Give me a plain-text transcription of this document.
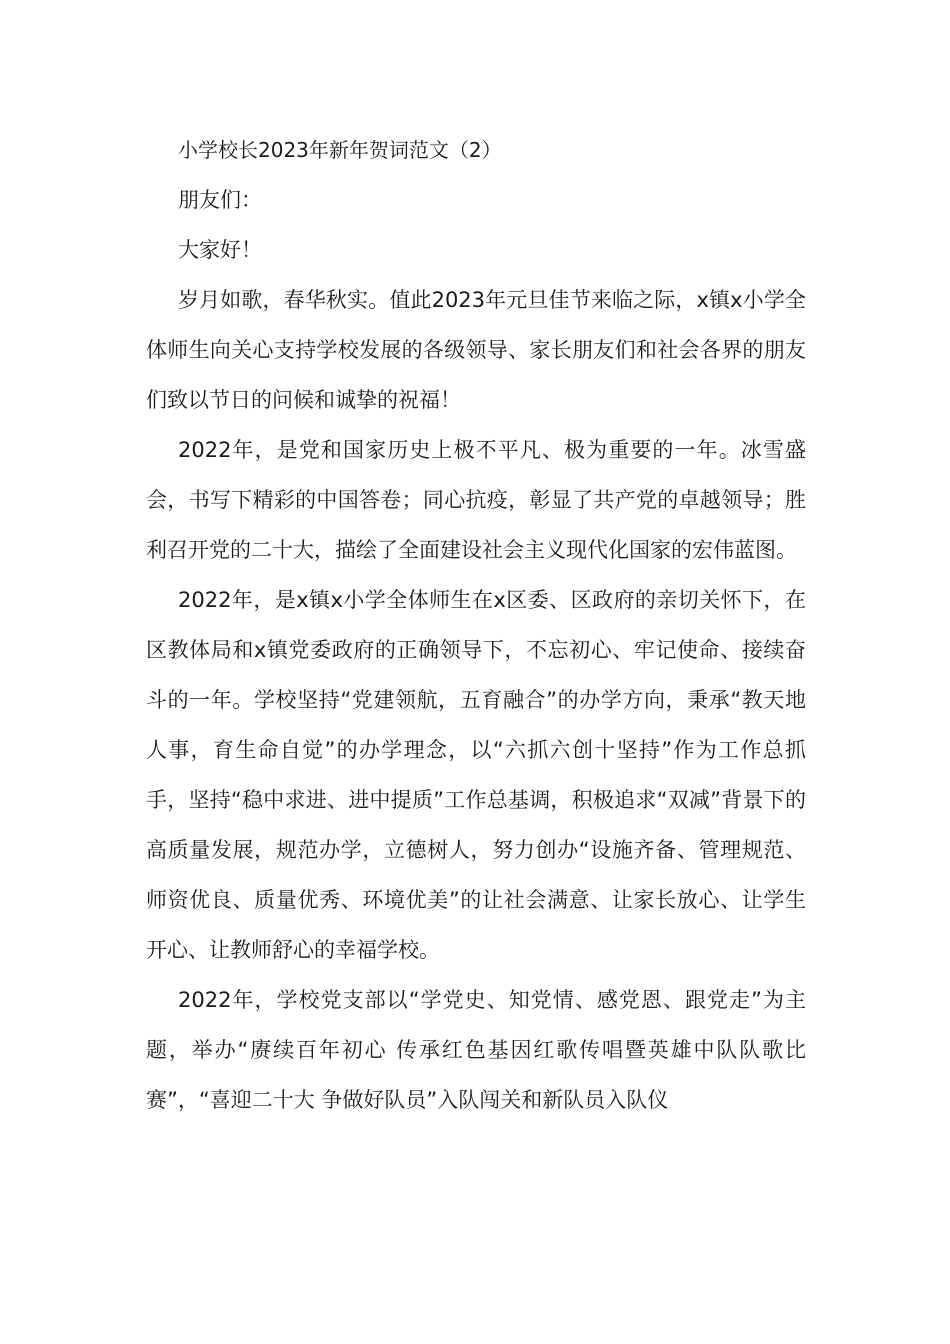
小学校长2023年新年贺词范文（2）

朋友们：

大家好！

岁月如歌，春华秋实。值此2023年元旦佳节来临之际，x镇x小学全体师生向关心支持学校发展的各级领导、家长朋友们和社会各界的朋友们致以节日的问候和诚挚的祝福！

2022年，是党和国家历史上极不平凡、极为重要的一年。冰雪盛会，书写下精彩的中国答卷；同心抗疫，彰显了共产党的卓越领导；胜利召开党的二十大，描绘了全面建设社会主义现代化国家的宏伟蓝图。

2022年，是x镇x小学全体师生在x区委、区政府的亲切关怀下，在区教体局和x镇党委政府的正确领导下，不忘初心、牢记使命、接续奋斗的一年。学校坚持“党建领航，五育融合”的办学方向，秉承“教天地人事，育生命自觉”的办学理念，以“六抓六创十坚持”作为工作总抓手，坚持“稳中求进、进中提质”工作总基调，积极追求“双减”背景下的高质量发展，规范办学，立德树人，努力创办“设施齐备、管理规范、师资优良、质量优秀、环境优美”的让社会满意、让家长放心、让学生开心、让教师舒心的幸福学校。

2022年，学校党支部以“学党史、知党情、感党恩、跟党走”为主题，举办“赓续百年初心 传承红色基因红歌传唱暨英雄中队队歌比赛”，“喜迎二十大 争做好队员”入队闯关和新队员入队仪
